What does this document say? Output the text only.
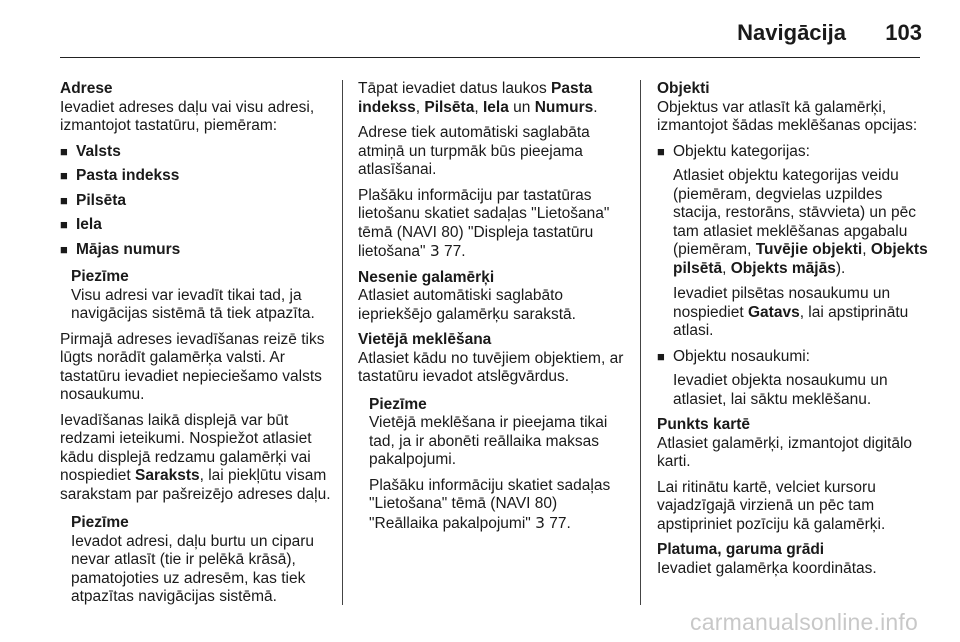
Navigācija 103
Adrese

Ievadiet adreses daļu vai visu adresi, izmantojot tastatūru, piemēram:

■ Valsts
■ Pasta indekss
■ Pilsēta
■ Iela
■ Mājas numurs
Piezīme

Visu adresi var ievadīt tikai tad, ja navigācijas sistēmā tā tiek atpazīta.

Pirmajā adreses ievadīšanas reizē tiks lūgts norādīt galamērķa valsti. Ar tastatūru ievadiet nepieciešamo valsts nosaukumu.

Ievadīšanas laikā displejā var būt redzami ieteikumi. Nospiežot atlasiet kādu displejā redzamu galamērķi vai nospiediet Saraksts, lai piekļūtu visam sarakstam par pašreizējo adreses daļu.

Piezīme

Ievadot adresi, daļu burtu un ciparu nevar atlasīt (tie ir pelēkā krāsā), pamatojoties uz adresēm, kas tiek atpazītas navigācijas sistēmā.

Tāpat ievadiet datus laukos Pasta indekss, Pilsēta, Iela un Numurs.

Adrese tiek automātiski saglabāta atmiņā un turpmāk būs pieejama atlasīšanai.

Plašāku informāciju par tastatūras lietošanu skatiet sadaļas "Lietošana" tēmā (NAVI 80) "Displeja tastatūru lietošana" 3 77.

Nesenie galamērķi

Atlasiet automātiski saglabāto iepriekšējo galamērķu sarakstā.

Vietējā meklēšana

Atlasiet kādu no tuvējiem objektiem, ar tastatūru ievadot atslēgvārdus.

Piezīme

Vietējā meklēšana ir pieejama tikai tad, ja ir abonēti reāllaika maksas pakalpojumi.

Plašāku informāciju skatiet sadaļas "Lietošana" tēmā (NAVI 80) "Reāllaika pakalpojumi" 3 77.

Objekti

Objektus var atlasīt kā galamērķi, izmantojot šādas meklēšanas opcijas:

■ Objektu kategorijas:

Atlasiet objektu kategorijas veidu (piemēram, degvielas uzpildes stacija, restorāns, stāvvieta) un pēc tam atlasiet meklēšanas apgabalu (piemēram, Tuvējie objekti, Objekts pilsētā, Objekts mājās).

Ievadiet pilsētas nosaukumu un nospiediet Gatavs, lai apstiprinātu atlasi.

■ Objektu nosaukumi:

Ievadiet objekta nosaukumu un atlasiet, lai sāktu meklēšanu.

Punkts kartē

Atlasiet galamērķi, izmantojot digitālo karti.

Lai ritinātu kartē, velciet kursoru vajadzīgajā virzienā un pēc tam apstipriniet pozīciju kā galamērķi.

Platuma, garuma grādi

Ievadiet galamērķa koordinātas.

carmanualsonline.info
